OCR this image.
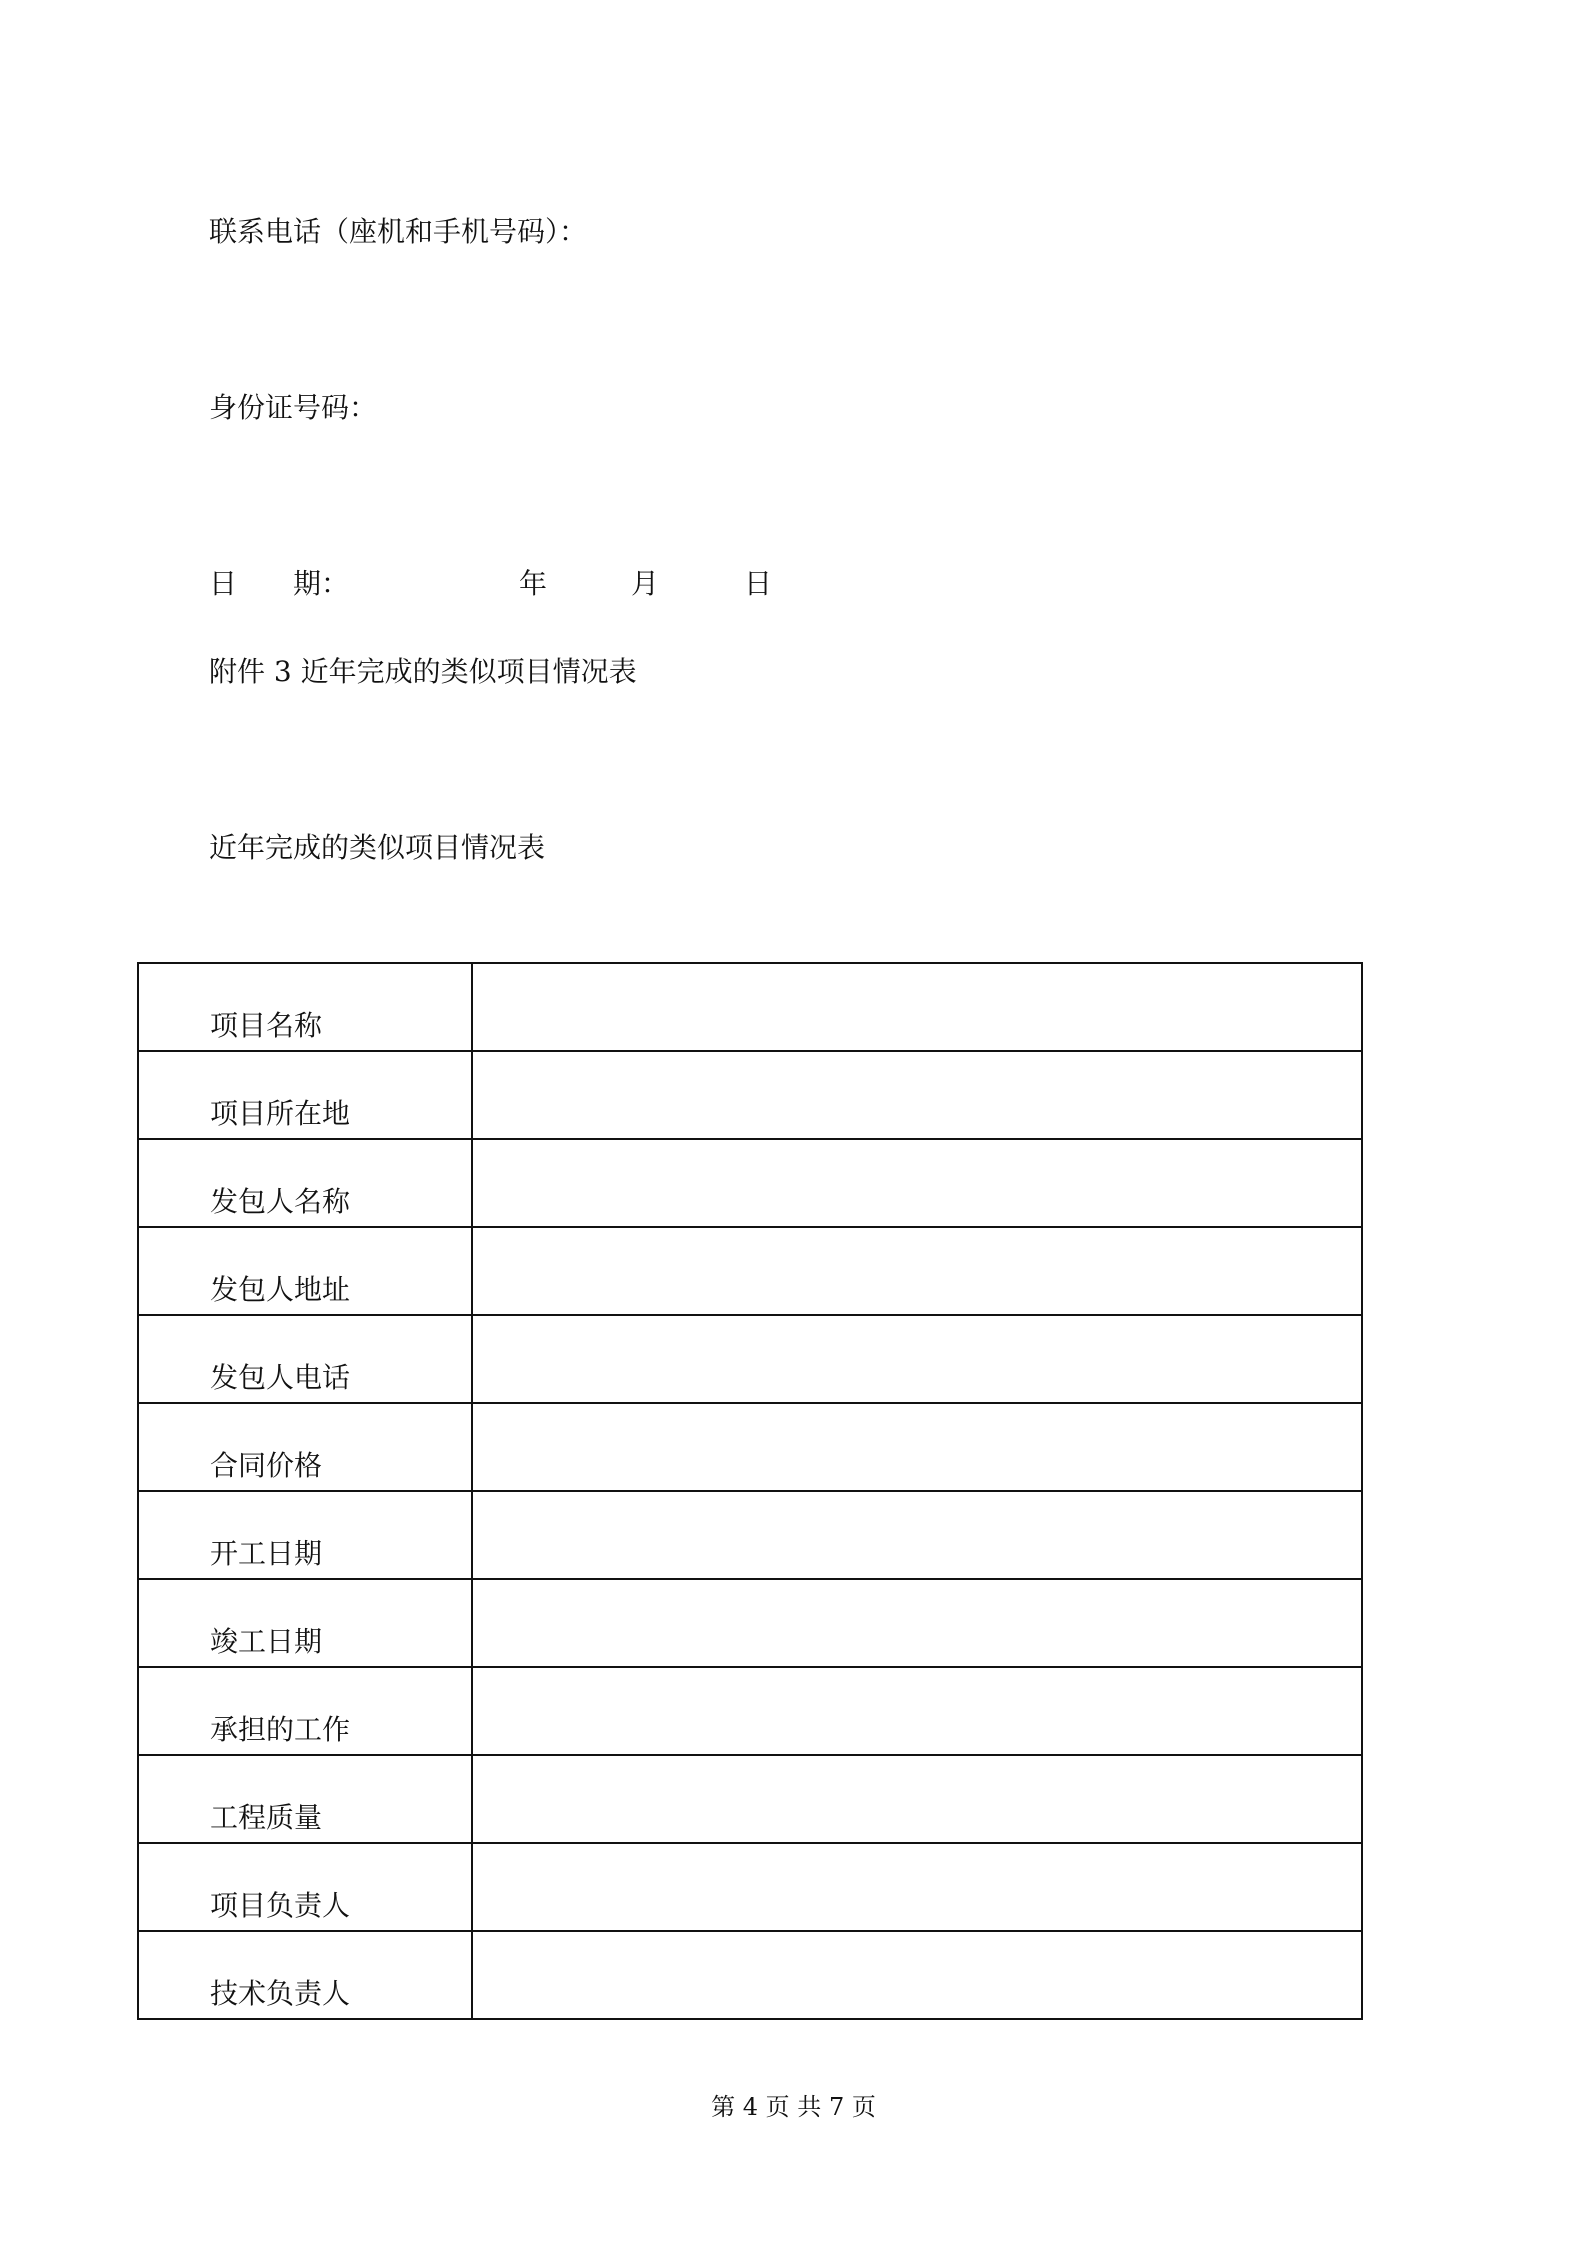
联系电话（座机和手机号码）：
身份证号码：
日　　期：	年	月	日
附件 3 近年完成的类似项目情况表
近年完成的类似项目情况表
项目名称	
项目所在地	
发包人名称	
发包人地址	
发包人电话	
合同价格	
开工日期	
竣工日期	
承担的工作	
工程质量	
项目负责人	
技术负责人	
第 4 页 共 7 页
